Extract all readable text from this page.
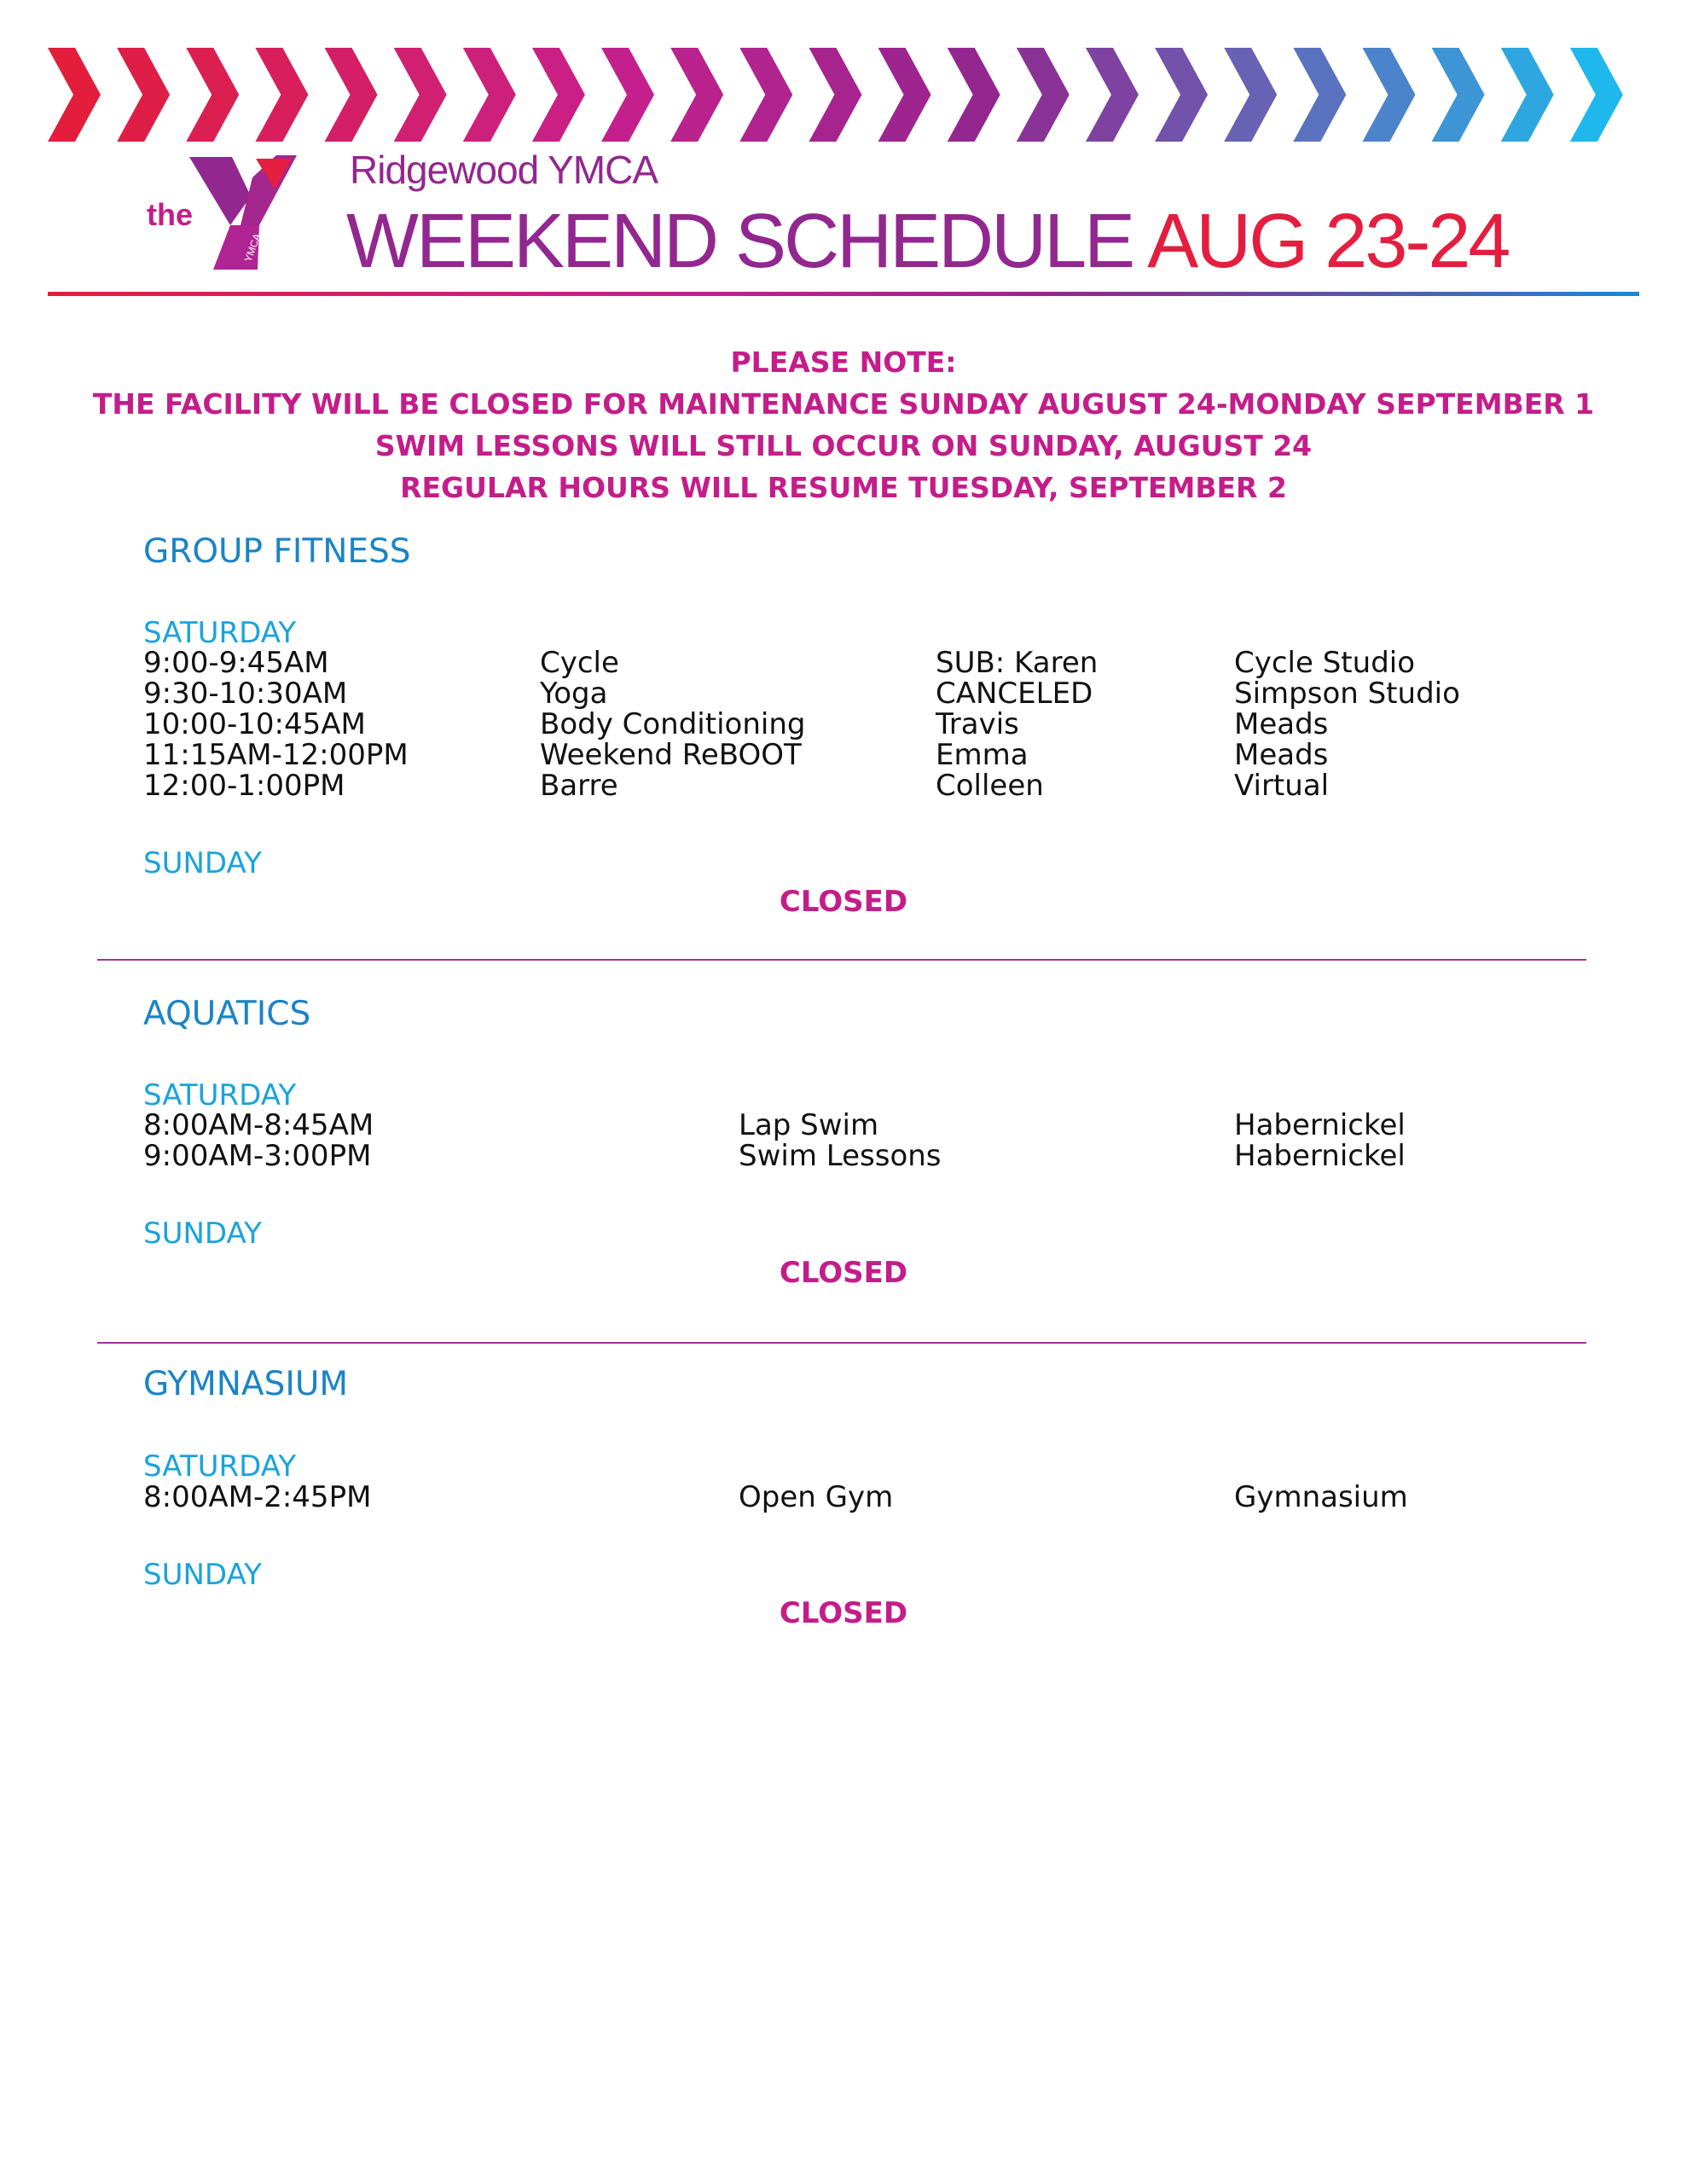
the
YMCA

Ridgewood YMCA

WEEKEND SCHEDULE AUG 23-24
PLEASE NOTE:
THE FACILITY WILL BE CLOSED FOR MAINTENANCE SUNDAY AUGUST 24-MONDAY SEPTEMBER 1
SWIM LESSONS WILL STILL OCCUR ON SUNDAY, AUGUST 24
REGULAR HOURS WILL RESUME TUESDAY, SEPTEMBER 2
GROUP FITNESS
SATURDAY
9:00-9:45AM	Cycle	SUB: Karen	Cycle Studio
9:30-10:30AM	Yoga	CANCELED	Simpson Studio
10:00-10:45AM	Body Conditioning	Travis	Meads
11:15AM-12:00PM	Weekend ReBOOT	Emma	Meads
12:00-1:00PM	Barre	Colleen	Virtual
SUNDAY
CLOSED
AQUATICS
SATURDAY
8:00AM-8:45AM	Lap Swim	Habernickel
9:00AM-3:00PM	Swim Lessons	Habernickel
SUNDAY
CLOSED
GYMNASIUM
SATURDAY
8:00AM-2:45PM	Open Gym	Gymnasium
SUNDAY
CLOSED
